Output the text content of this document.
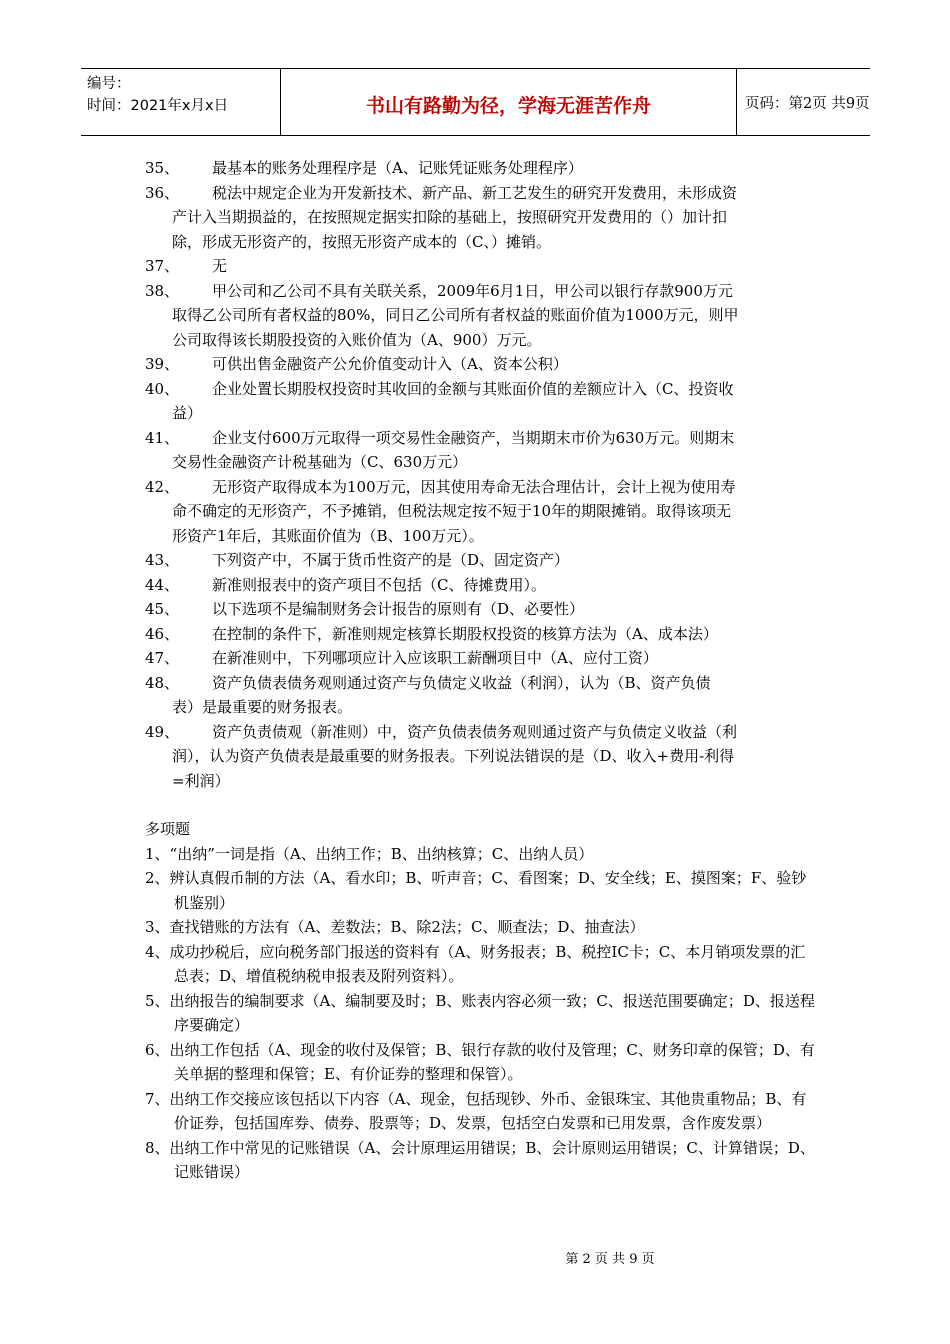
编号：
时间：2021年x月x日	书山有路勤为径，学海无涯苦作舟	页码：第2页 共9页
35、	最基本的账务处理程序是（A、记账凭证账务处理程序）
36、	税法中规定企业为开发新技术、新产品、新工艺发生的研究开发费用，未形成资
产计入当期损益的，在按照规定据实扣除的基础上，按照研究开发费用的（）加计扣
除，形成无形资产的，按照无形资产成本的（C、）摊销。
37、	无
38、	甲公司和乙公司不具有关联关系，2009年6月1日，甲公司以银行存款900万元
取得乙公司所有者权益的80%，同日乙公司所有者权益的账面价值为1000万元，则甲
公司取得该长期股投资的入账价值为（A、900）万元。
39、	可供出售金融资产公允价值变动计入（A、资本公积）
40、	企业处置长期股权投资时其收回的金额与其账面价值的差额应计入（C、投资收
益）
41、	企业支付600万元取得一项交易性金融资产，当期期末市价为630万元。则期末
交易性金融资产计税基础为（C、630万元）
42、	无形资产取得成本为100万元，因其使用寿命无法合理估计，会计上视为使用寿
命不确定的无形资产，不予摊销，但税法规定按不短于10年的期限摊销。取得该项无
形资产1年后，其账面价值为（B、100万元）。
43、	下列资产中，不属于货币性资产的是（D、固定资产）
44、	新准则报表中的资产项目不包括（C、待摊费用）。
45、	以下选项不是编制财务会计报告的原则有（D、必要性）
46、	在控制的条件下，新准则规定核算长期股权投资的核算方法为（A、成本法）
47、	在新准则中，下列哪项应计入应该职工薪酬项目中（A、应付工资）
48、	资产负债表债务观则通过资产与负债定义收益（利润），认为（B、资产负债
表）是最重要的财务报表。
49、	资产负责债观（新准则）中，资产负债表债务观则通过资产与负债定义收益（利
润），认为资产负债表是最重要的财务报表。下列说法错误的是（D、收入+费用-利得
=利润）
多项题
1、“出纳”一词是指（A、出纳工作；B、出纳核算；C、出纳人员）
2、辨认真假币制的方法（A、看水印；B、听声音；C、看图案；D、安全线；E、摸图案；F、验钞机鉴别）
3、查找错账的方法有（A、差数法；B、除2法；C、顺查法；D、抽查法）
4、成功抄税后，应向税务部门报送的资料有（A、财务报表；B、税控IC卡；C、本月销项发票的汇总表；D、增值税纳税申报表及附列资料）。
5、出纳报告的编制要求（A、编制要及时；B、账表内容必须一致；C、报送范围要确定；D、报送程序要确定）
6、出纳工作包括（A、现金的收付及保管；B、银行存款的收付及管理；C、财务印章的保管；D、有关单据的整理和保管；E、有价证券的整理和保管）。
7、出纳工作交接应该包括以下内容（A、现金，包括现钞、外币、金银珠宝、其他贵重物品；B、有价证券，包括国库券、债券、股票等；D、发票，包括空白发票和已用发票，含作废发票）
8、出纳工作中常见的记账错误（A、会计原理运用错误；B、会计原则运用错误；C、计算错误；D、记账错误）
第 2 页 共 9 页
